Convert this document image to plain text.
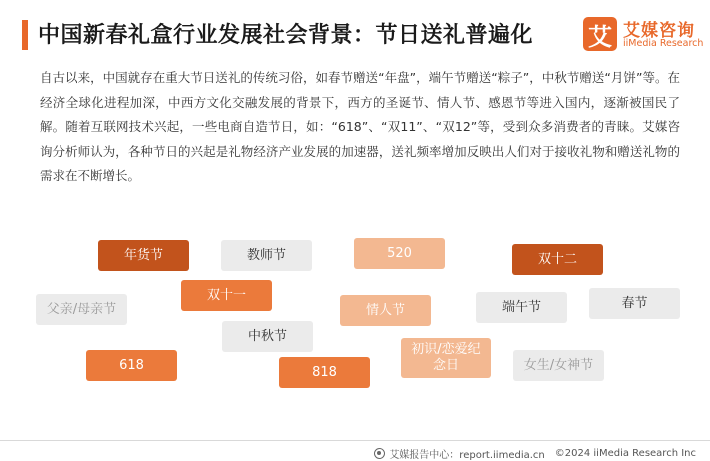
中国新春礼盒行业发展社会背景：节日送礼普遍化 艾 艾媒咨询
iiMedia Research

自古以来，中国就存在重大节日送礼的传统习俗，如春节赠送“年盘”，端午节赠送“粽子”，中秋节赠送“月饼”等。在经济全球化进程加深，中西方文化交融发展的背景下，西方的圣诞节、情人节、感恩节等进入国内，逐渐被国民了解。随着互联网技术兴起，一些电商自造节日，如：“618”、“双11”、“双12”等，受到众多消费者的青睐。艾媒咨询分析师认为，各种节日的兴起是礼物经济产业发展的加速器，送礼频率增加反映出人们对于接收礼物和赠送礼物的需求在不断增长。

年货节	教师节	520	双十二
父亲/母亲节
双十一
情人节	端午节	春节
中秋节
618	818
初识/恋爱纪念日	女生/女神节
艾媒报告中心：report.iimedia.cn ©2024 iiMedia Research Inc
